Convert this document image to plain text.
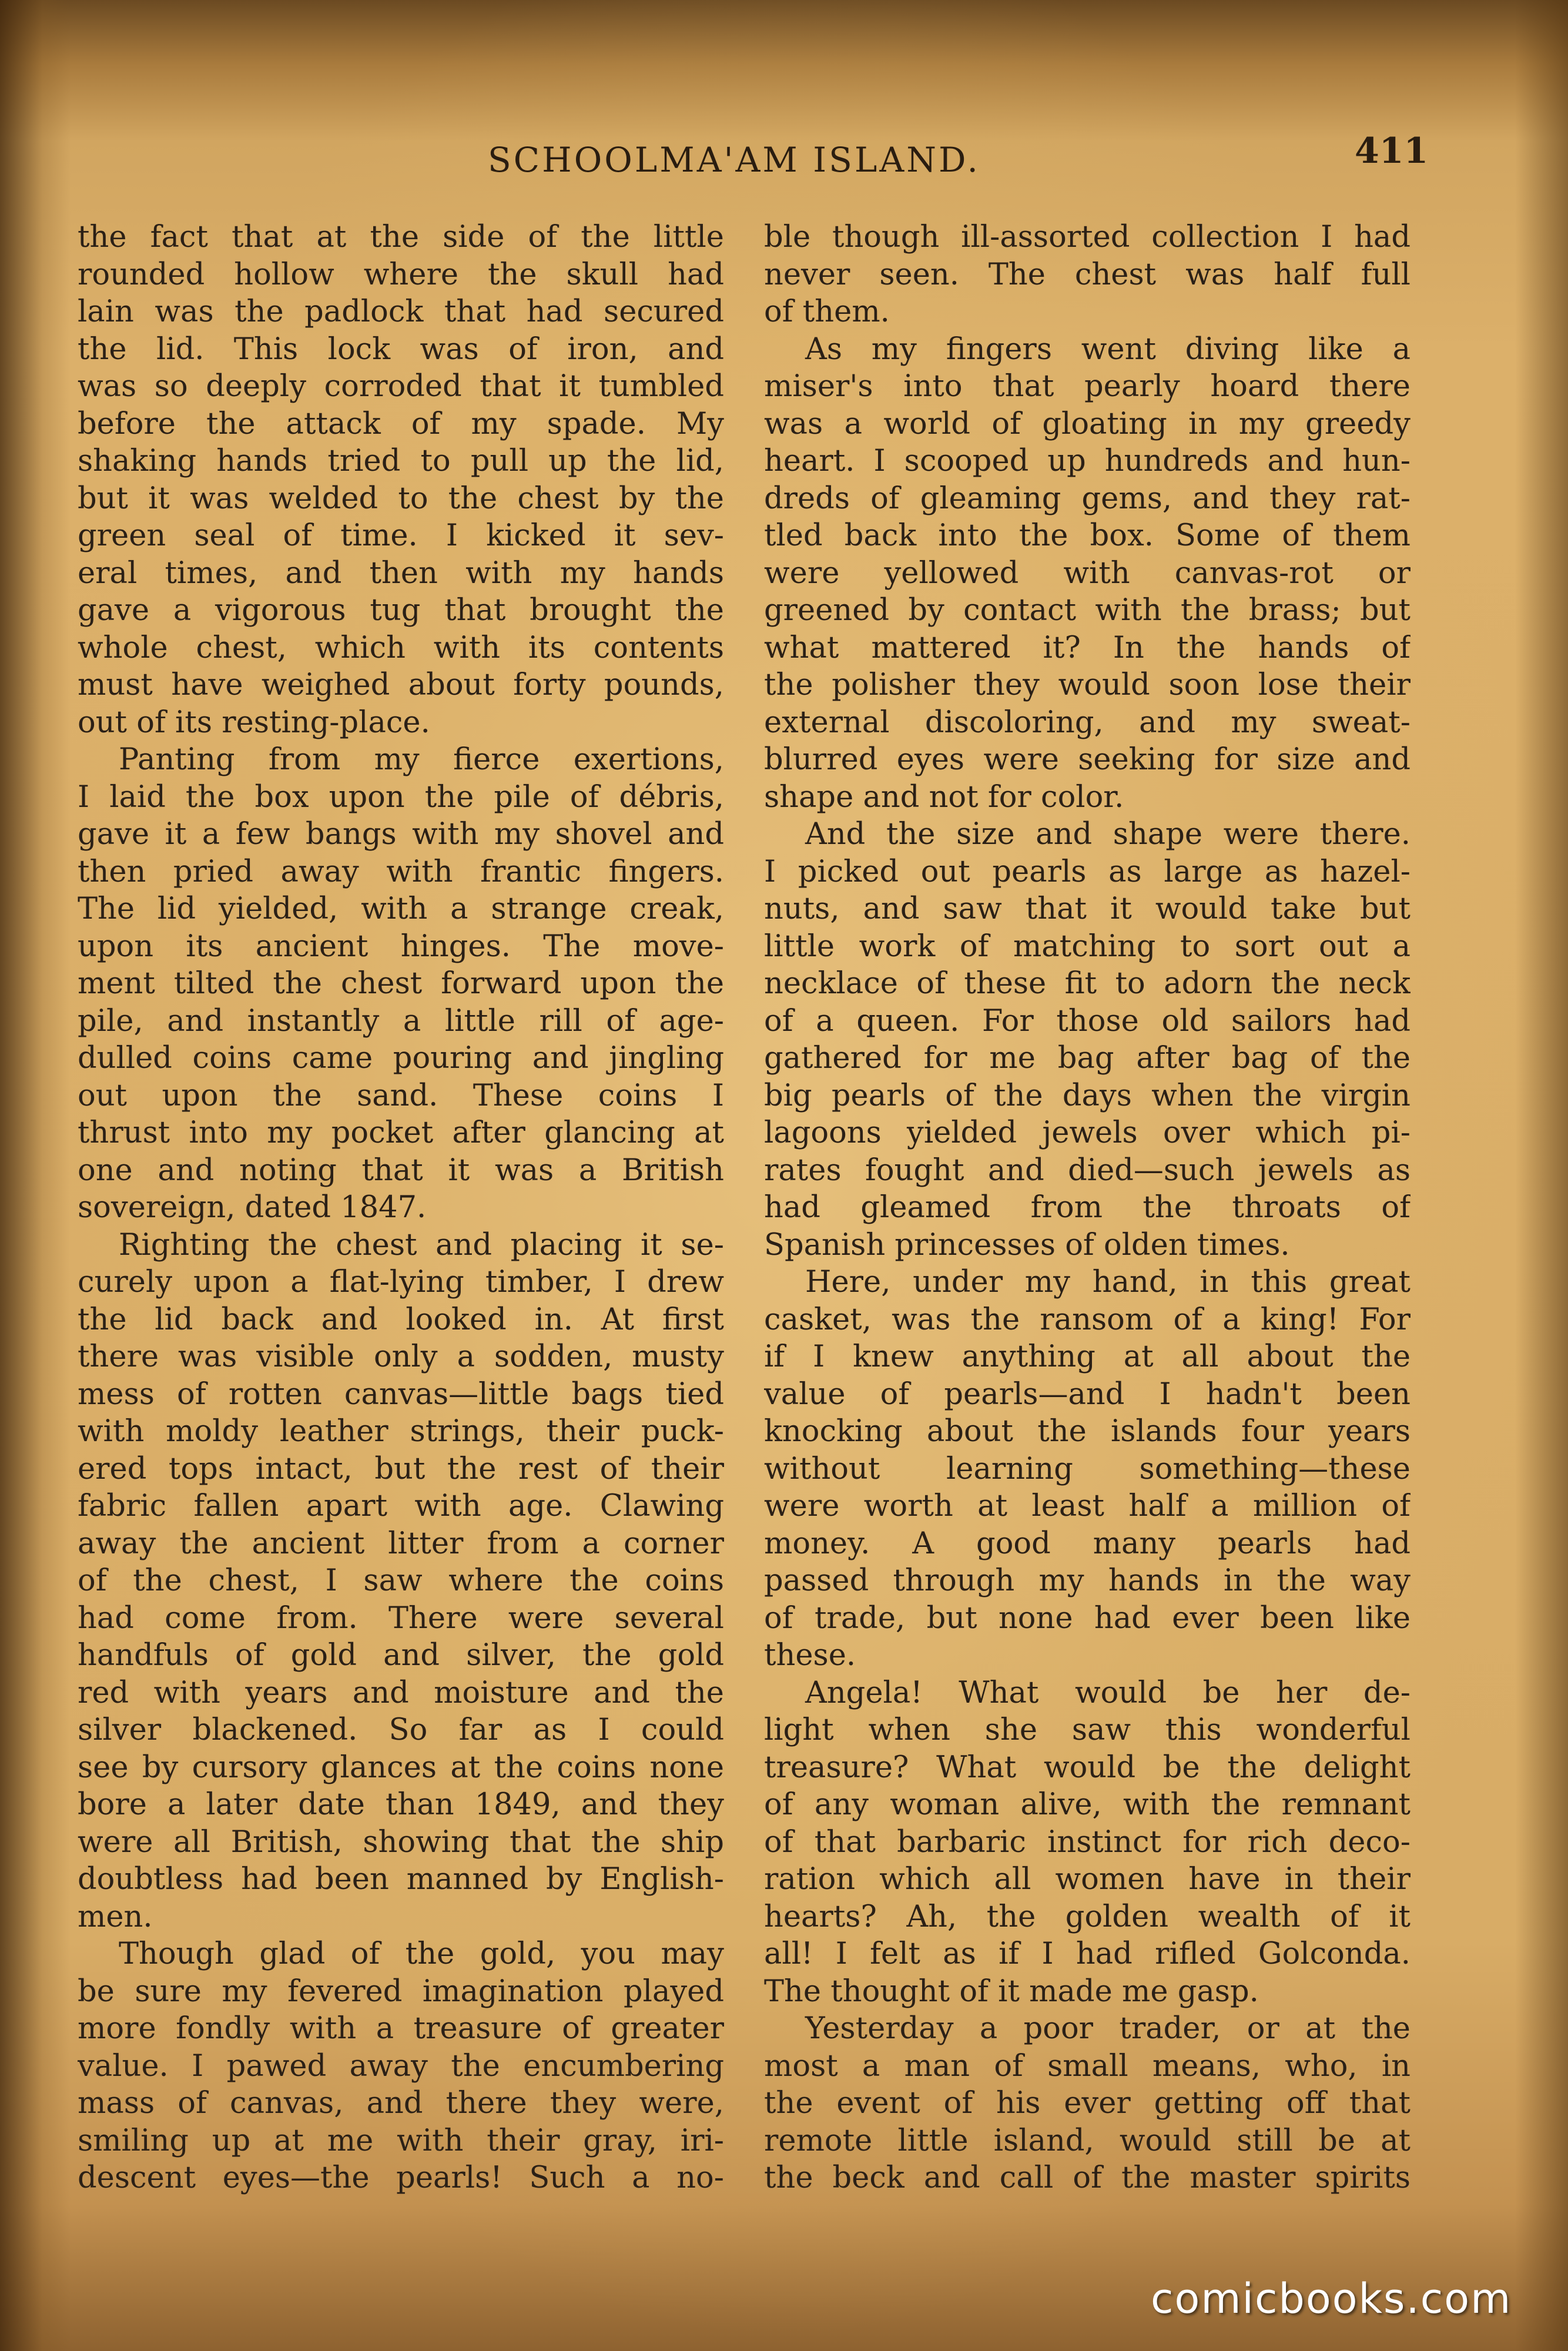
SCHOOLMA'AM ISLAND.	411
the fact that at the side of the little
rounded hollow where the skull had
lain was the padlock that had secured
the lid. This lock was of iron, and
was so deeply corroded that it tumbled
before the attack of my spade. My
shaking hands tried to pull up the lid,
but it was welded to the chest by the
green seal of time. I kicked it sev-
eral times, and then with my hands
gave a vigorous tug that brought the
whole chest, which with its contents
must have weighed about forty pounds,
out of its resting-place.
Panting from my fierce exertions,
I laid the box upon the pile of débris,
gave it a few bangs with my shovel and
then pried away with frantic fingers.
The lid yielded, with a strange creak,
upon its ancient hinges. The move-
ment tilted the chest forward upon the
pile, and instantly a little rill of age-
dulled coins came pouring and jingling
out upon the sand. These coins I
thrust into my pocket after glancing at
one and noting that it was a British
sovereign, dated 1847.
Righting the chest and placing it se-
curely upon a flat-lying timber, I drew
the lid back and looked in. At first
there was visible only a sodden, musty
mess of rotten canvas—little bags tied
with moldy leather strings, their puck-
ered tops intact, but the rest of their
fabric fallen apart with age. Clawing
away the ancient litter from a corner
of the chest, I saw where the coins
had come from. There were several
handfuls of gold and silver, the gold
red with years and moisture and the
silver blackened. So far as I could
see by cursory glances at the coins none
bore a later date than 1849, and they
were all British, showing that the ship
doubtless had been manned by English-
men.
Though glad of the gold, you may
be sure my fevered imagination played
more fondly with a treasure of greater
value. I pawed away the encumbering
mass of canvas, and there they were,
smiling up at me with their gray, iri-
descent eyes—the pearls! Such a no-
ble though ill-assorted collection I had
never seen. The chest was half full
of them.
As my fingers went diving like a
miser's into that pearly hoard there
was a world of gloating in my greedy
heart. I scooped up hundreds and hun-
dreds of gleaming gems, and they rat-
tled back into the box. Some of them
were yellowed with canvas-rot or
greened by contact with the brass; but
what mattered it? In the hands of
the polisher they would soon lose their
external discoloring, and my sweat-
blurred eyes were seeking for size and
shape and not for color.
And the size and shape were there.
I picked out pearls as large as hazel-
nuts, and saw that it would take but
little work of matching to sort out a
necklace of these fit to adorn the neck
of a queen. For those old sailors had
gathered for me bag after bag of the
big pearls of the days when the virgin
lagoons yielded jewels over which pi-
rates fought and died—such jewels as
had gleamed from the throats of
Spanish princesses of olden times.
Here, under my hand, in this great
casket, was the ransom of a king! For
if I knew anything at all about the
value of pearls—and I hadn't been
knocking about the islands four years
without learning something—these
were worth at least half a million of
money. A good many pearls had
passed through my hands in the way
of trade, but none had ever been like
these.
Angela! What would be her de-
light when she saw this wonderful
treasure? What would be the delight
of any woman alive, with the remnant
of that barbaric instinct for rich deco-
ration which all women have in their
hearts? Ah, the golden wealth of it
all! I felt as if I had rifled Golconda.
The thought of it made me gasp.
Yesterday a poor trader, or at the
most a man of small means, who, in
the event of his ever getting off that
remote little island, would still be at
the beck and call of the master spirits
comicbooks.com
